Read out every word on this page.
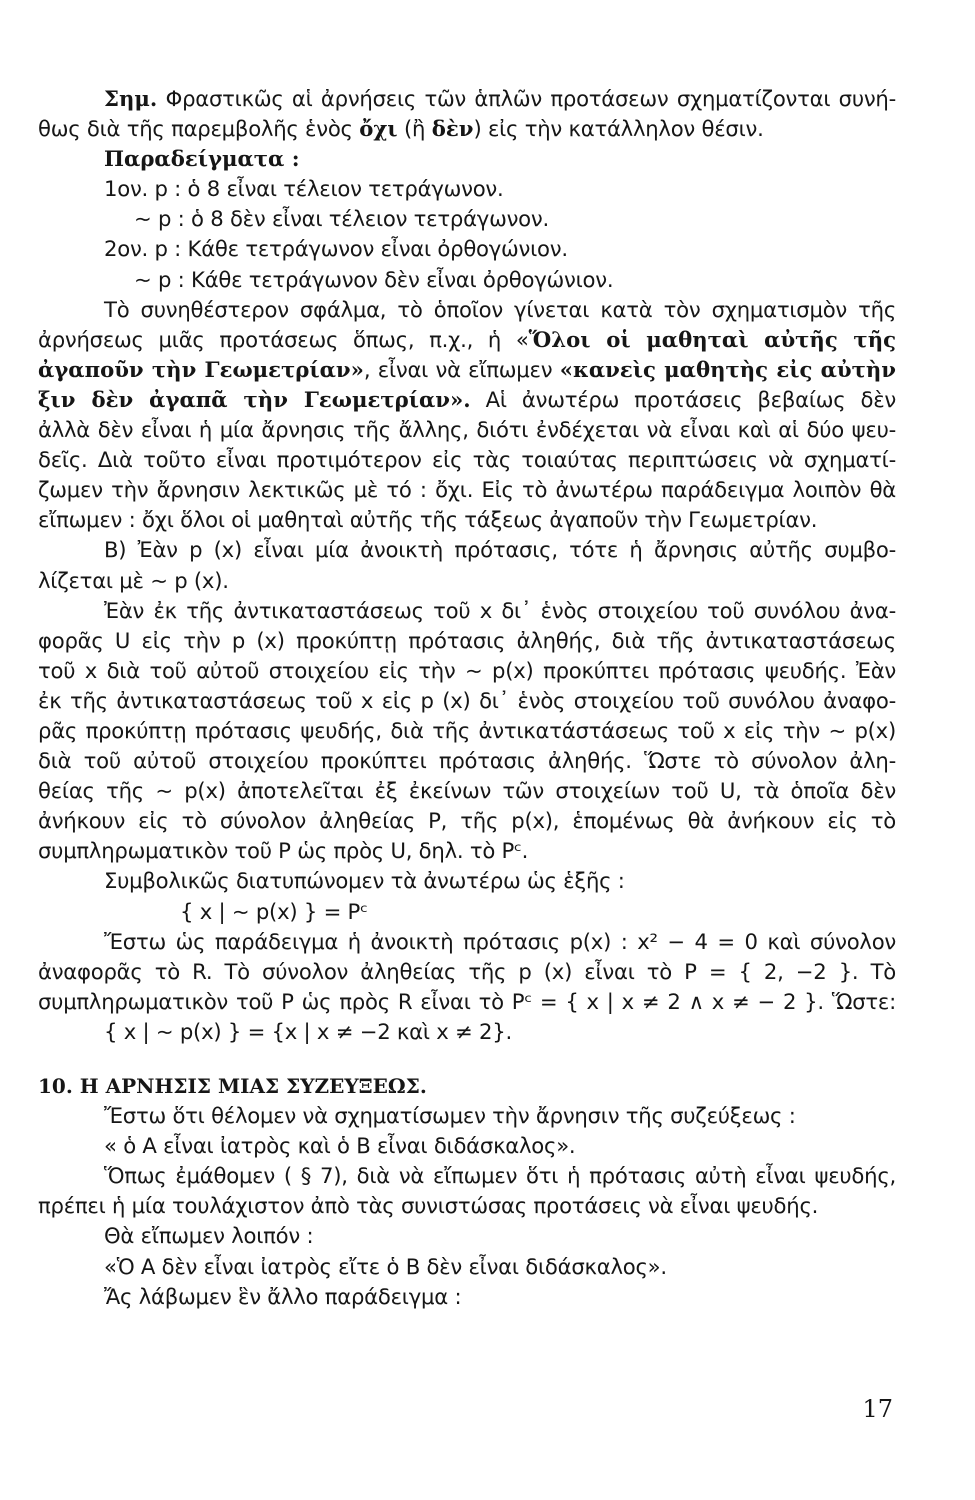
Σημ. Φραστικῶς αἱ ἀρνήσεις τῶν ἁπλῶν προτάσεων σχηματίζονται συνή-
θως διὰ τῆς παρεμβολῆς ἑνὸς ὄχι (ἢ δὲν) εἰς τὴν κατάλληλον θέσιν.
Παραδείγματα :
1ον. p : ὁ 8 εἶναι τέλειον τετράγωνον.
∼ p : ὁ 8 δὲν εἶναι τέλειον τετράγωνον.
2ον. p : Κάθε τετράγωνον εἶναι ὀρθογώνιον.
∼ p : Κάθε τετράγωνον δὲν εἶναι ὀρθογώνιον.
Τὸ συνηθέστερον σφάλμα, τὸ ὁποῖον γίνεται κατὰ τὸν σχηματισμὸν τῆς
ἀρνήσεως μιᾶς προτάσεως ὅπως, π.χ., ἡ «Ὅλοι οἱ μαθηταὶ αὐτῆς τῆς
ἀγαποῦν τὴν Γεωμετρίαν», εἶναι νὰ εἴπωμεν «κανεὶς μαθητὴς εἰς αὐτὴν
ξιν δὲν ἀγαπᾶ τὴν Γεωμετρίαν». Αἱ ἀνωτέρω προτάσεις βεβαίως δὲν
ἀλλὰ δὲν εἶναι ἡ μία ἄρνησις τῆς ἄλλης, διότι ἐνδέχεται νὰ εἶναι καὶ αἱ δύο ψευ-
δεῖς. Διὰ τοῦτο εἶναι προτιμότερον εἰς τὰς τοιαύτας περιπτώσεις νὰ σχηματί-
ζωμεν τὴν ἄρνησιν λεκτικῶς μὲ τό : ὄχι. Εἰς τὸ ἀνωτέρω παράδειγμα λοιπὸν θὰ
εἴπωμεν : ὄχι ὅλοι οἱ μαθηταὶ αὐτῆς τῆς τάξεως ἀγαποῦν τὴν Γεωμετρίαν.
Β) Ἐὰν p (x) εἶναι μία ἀνοικτὴ πρότασις, τότε ἡ ἄρνησις αὐτῆς συμβο-
λίζεται μὲ ∼ p (x).
Ἐὰν ἐκ τῆς ἀντικαταστάσεως τοῦ x δι᾿ ἑνὸς στοιχείου τοῦ συνόλου ἀνα-
φορᾶς U εἰς τὴν p (x) προκύπτῃ πρότασις ἀληθής, διὰ τῆς ἀντικαταστάσεως
τοῦ x διὰ τοῦ αὐτοῦ στοιχείου εἰς τὴν ∼ p(x) προκύπτει πρότασις ψευδής. Ἐὰν
ἐκ τῆς ἀντικαταστάσεως τοῦ x εἰς p (x) δι᾿ ἑνὸς στοιχείου τοῦ συνόλου ἀναφο-
ρᾶς προκύπτῃ πρότασις ψευδής, διὰ τῆς ἀντικατάστάσεως τοῦ x εἰς τὴν ∼ p(x)
διὰ τοῦ αὐτοῦ στοιχείου προκύπτει πρότασις ἀληθής. Ὥστε τὸ σύνολον ἀλη-
θείας τῆς ∼ p(x) ἀποτελεῖται ἐξ ἐκείνων τῶν στοιχείων τοῦ U, τὰ ὁποῖα δὲν
ἀνήκουν εἰς τὸ σύνολον ἀληθείας P, τῆς p(x), ἑπομένως θὰ ἀνήκουν εἰς τὸ
συμπληρωματικὸν τοῦ P ὡς πρὸς U, δηλ. τὸ Pᶜ.
Συμβολικῶς διατυπώνομεν τὰ ἀνωτέρω ὡς ἑξῆς :
{ x | ∼ p(x) } = Pᶜ
Ἔστω ὡς παράδειγμα ἡ ἀνοικτὴ πρότασις p(x) : x² − 4 = 0 καὶ σύνολον
ἀναφορᾶς τὸ R. Τὸ σύνολον ἀληθείας τῆς p (x) εἶναι τὸ P = { 2, −2 }. Τὸ
συμπληρωματικὸν τοῦ P ὡς πρὸς R εἶναι τὸ Pᶜ = { x | x ≠ 2 ∧ x ≠ − 2 }. Ὥστε:
{ x | ∼ p(x) } = {x | x ≠ −2 καὶ x ≠ 2}.
10. Η ΑΡΝΗΣΙΣ ΜΙΑΣ ΣΥΖΕΥΞΕΩΣ.
Ἔστω ὅτι θέλομεν νὰ σχηματίσωμεν τὴν ἄρνησιν τῆς συζεύξεως :
« ὁ Α εἶναι ἰατρὸς καὶ ὁ Β εἶναι διδάσκαλος».
Ὅπως ἐμάθομεν ( § 7), διὰ νὰ εἴπωμεν ὅτι ἡ πρότασις αὐτὴ εἶναι ψευδής,
πρέπει ἡ μία τουλάχιστον ἀπὸ τὰς συνιστώσας προτάσεις νὰ εἶναι ψευδής.
Θὰ εἴπωμεν λοιπόν :
«Ὁ Α δὲν εἶναι ἰατρὸς εἴτε ὁ Β δὲν εἶναι διδάσκαλος».
Ἄς λάβωμεν ἓν ἄλλο παράδειγμα :
17
